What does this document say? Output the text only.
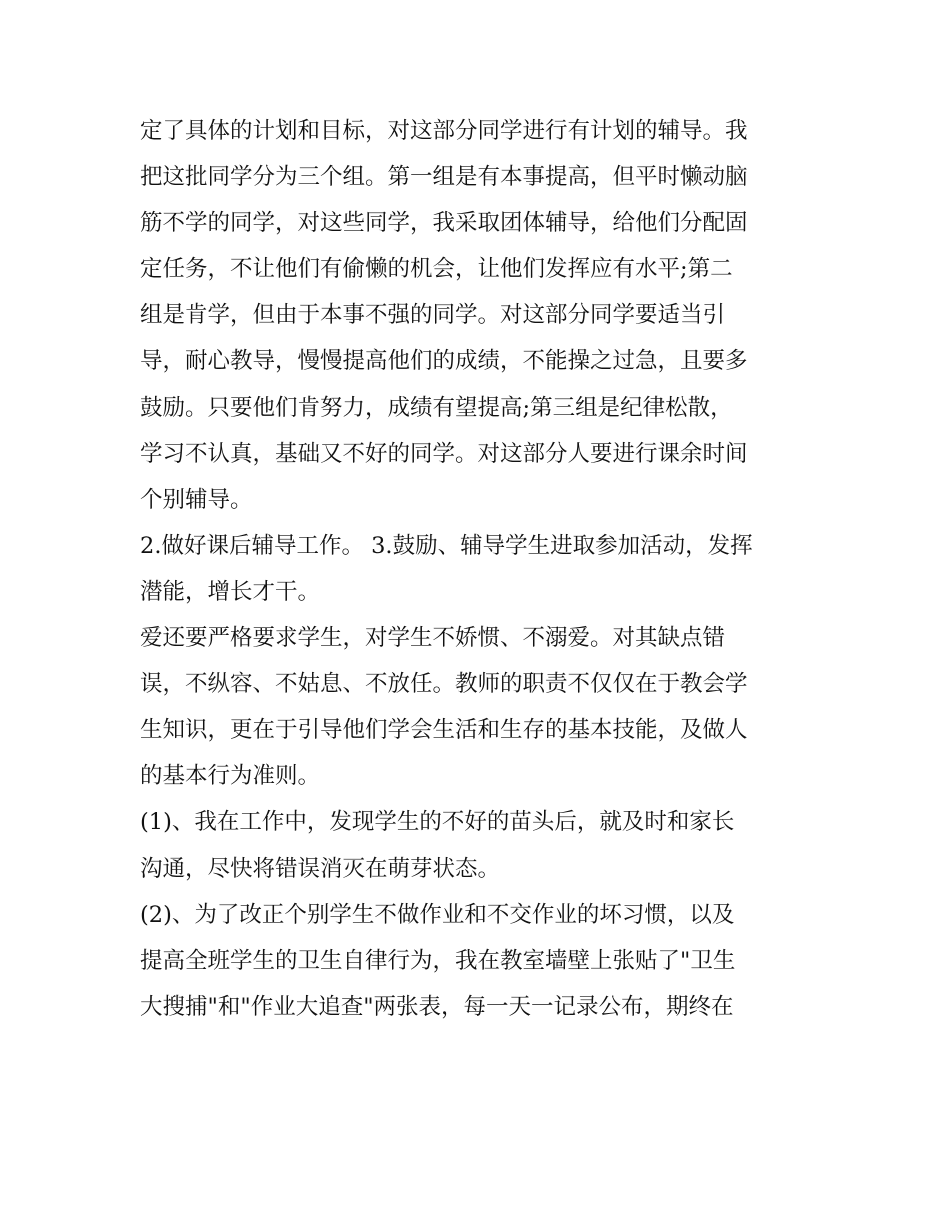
定了具体的计划和目标，对这部分同学进行有计划的辅导。我
把这批同学分为三个组。第一组是有本事提高，但平时懒动脑
筋不学的同学，对这些同学，我采取团体辅导，给他们分配固
定任务，不让他们有偷懒的机会，让他们发挥应有水平;第二
组是肯学，但由于本事不强的同学。对这部分同学要适当引
导，耐心教导，慢慢提高他们的成绩，不能操之过急，且要多
鼓励。只要他们肯努力，成绩有望提高;第三组是纪律松散，
学习不认真，基础又不好的同学。对这部分人要进行课余时间
个别辅导。
2.做好课后辅导工作。 3.鼓励、辅导学生进取参加活动，发挥
潜能，增长才干。
爱还要严格要求学生，对学生不娇惯、不溺爱。对其缺点错
误，不纵容、不姑息、不放任。教师的职责不仅仅在于教会学
生知识，更在于引导他们学会生活和生存的基本技能，及做人
的基本行为准则。
(1)、我在工作中，发现学生的不好的苗头后，就及时和家长
沟通，尽快将错误消灭在萌芽状态。
(2)、为了改正个别学生不做作业和不交作业的坏习惯，以及
提高全班学生的卫生自律行为，我在教室墙壁上张贴了"卫生
大搜捕"和"作业大追查"两张表，每一天一记录公布，期终在
